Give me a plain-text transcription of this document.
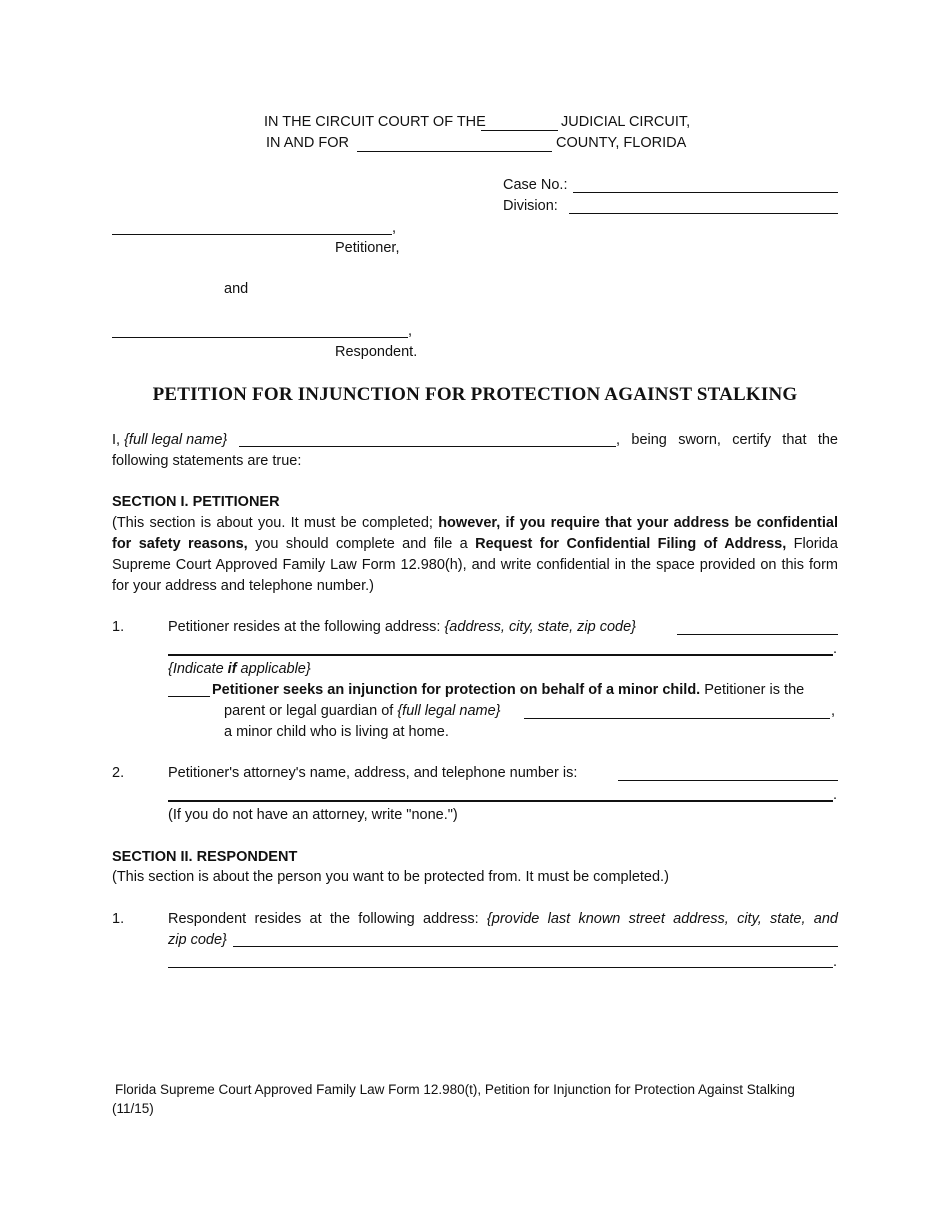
IN THE CIRCUIT COURT OF THE	JUDICIAL CIRCUIT,
IN AND FOR	COUNTY, FLORIDA
Case No.:
Division:
,
Petitioner,
and
,
Respondent.
PETITION FOR INJUNCTION FOR PROTECTION AGAINST STALKING
I, {full legal name}	, being sworn, certify that the
following statements are true:
SECTION I. PETITIONER
(This section is about you. It must be completed; however, if you require that your address be confidential for safety reasons, you should complete and file a Request for Confidential Filing of Address, Florida Supreme Court Approved Family Law Form 12.980(h), and write confidential in the space provided on this form for your address and telephone number.)
1.	Petitioner resides at the following address: {address, city, state, zip code}
.
{Indicate if applicable}
Petitioner seeks an injunction for protection on behalf of a minor child. Petitioner is the
parent or legal guardian of {full legal name}	,
a minor child who is living at home.
2.	Petitioner's attorney's name, address, and telephone number is:
.
(If you do not have an attorney, write "none.")
SECTION II. RESPONDENT
(This section is about the person you want to be protected from. It must be completed.)
1.	Respondent resides at the following address: {provide last known street address, city, state, and
zip code}
.
Florida Supreme Court Approved Family Law Form 12.980(t), Petition for Injunction for Protection Against Stalking
(11/15)
